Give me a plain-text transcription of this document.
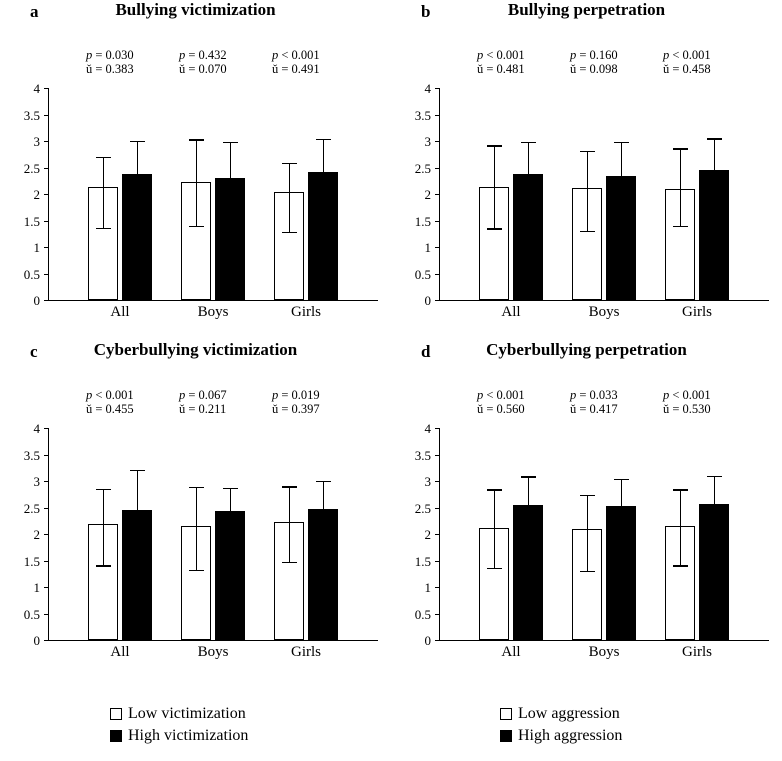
a	Bullying victimization
0
0.5
1
1.5
2
2.5
3
3.5
4
All	Boys	Girls
p = 0.030
ǔ = 0.383
p = 0.432
ǔ = 0.070
p < 0.001
ǔ = 0.491
b	Bullying perpetration
0
0.5
1
1.5
2
2.5
3
3.5
4
All	Boys	Girls
p < 0.001
ǔ = 0.481
p = 0.160
ǔ = 0.098
p < 0.001
ǔ = 0.458
c	Cyberbullying victimization
0
0.5
1
1.5
2
2.5
3
3.5
4
All	Boys	Girls
p < 0.001
ǔ = 0.455
p = 0.067
ǔ = 0.211
p = 0.019
ǔ = 0.397
d	Cyberbullying perpetration
0
0.5
1
1.5
2
2.5
3
3.5
4
All	Boys	Girls
p < 0.001
ǔ = 0.560
p = 0.033
ǔ = 0.417
p < 0.001
ǔ = 0.530
Low victimization
High victimization
Low aggression
High aggression
